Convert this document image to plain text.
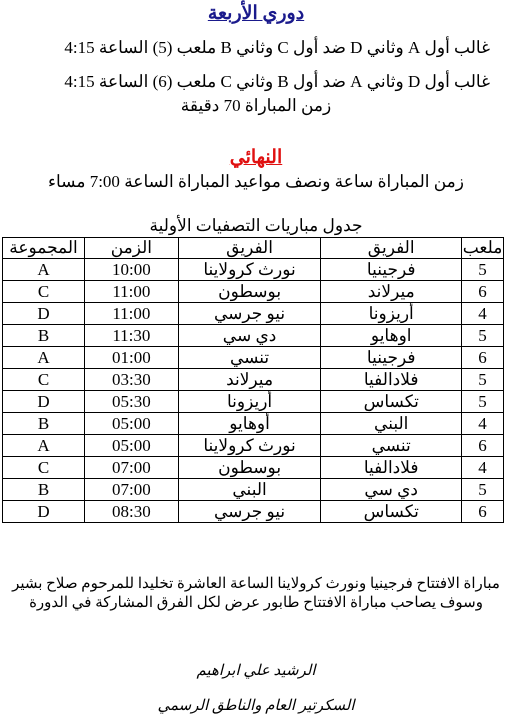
دوري الأربعة
غالب أول A وثاني D ضد أول C وثاني B ملعب (5) الساعة 4:15
غالب أول D وثاني A ضد أول B وثاني C ملعب (6) الساعة 4:15
زمن المباراة 70 دقيقة
النهائي
زمن المباراة ساعة ونصف مواعيد المباراة الساعة 7:00 مساء
جدول مباريات التصفيات الأولية
ملعب	الفريق	الفريق	الزمن	المجموعة
5	فرجينيا	نورث كرولاينا	10:00	A
6	ميرلاند	بوسطون	11:00	C
4	أريزونا	نيو جرسي	11:00	D
5	اوهايو	دي سي	11:30	B
6	فرجينيا	تنسي	01:00	A
5	فلادالفيا	ميرلاند	03:30	C
5	تكساس	أريزونا	05:30	D
4	البني	أوهايو	05:00	B
6	تنسي	نورث كرولاينا	05:00	A
4	فلادالفيا	بوسطون	07:00	C
5	دي سي	البني	07:00	B
6	تكساس	نيو جرسي	08:30	D
مباراة الافتتاح فرجينيا ونورث كرولاينا الساعة العاشرة تخليدا للمرحوم صلاح بشير
وسوف يصاحب مباراة الافتتاح طابور عرض لكل الفرق المشاركة في الدورة
الرشيد علي ابراهيم
السكرتير العام والناطق الرسمي
